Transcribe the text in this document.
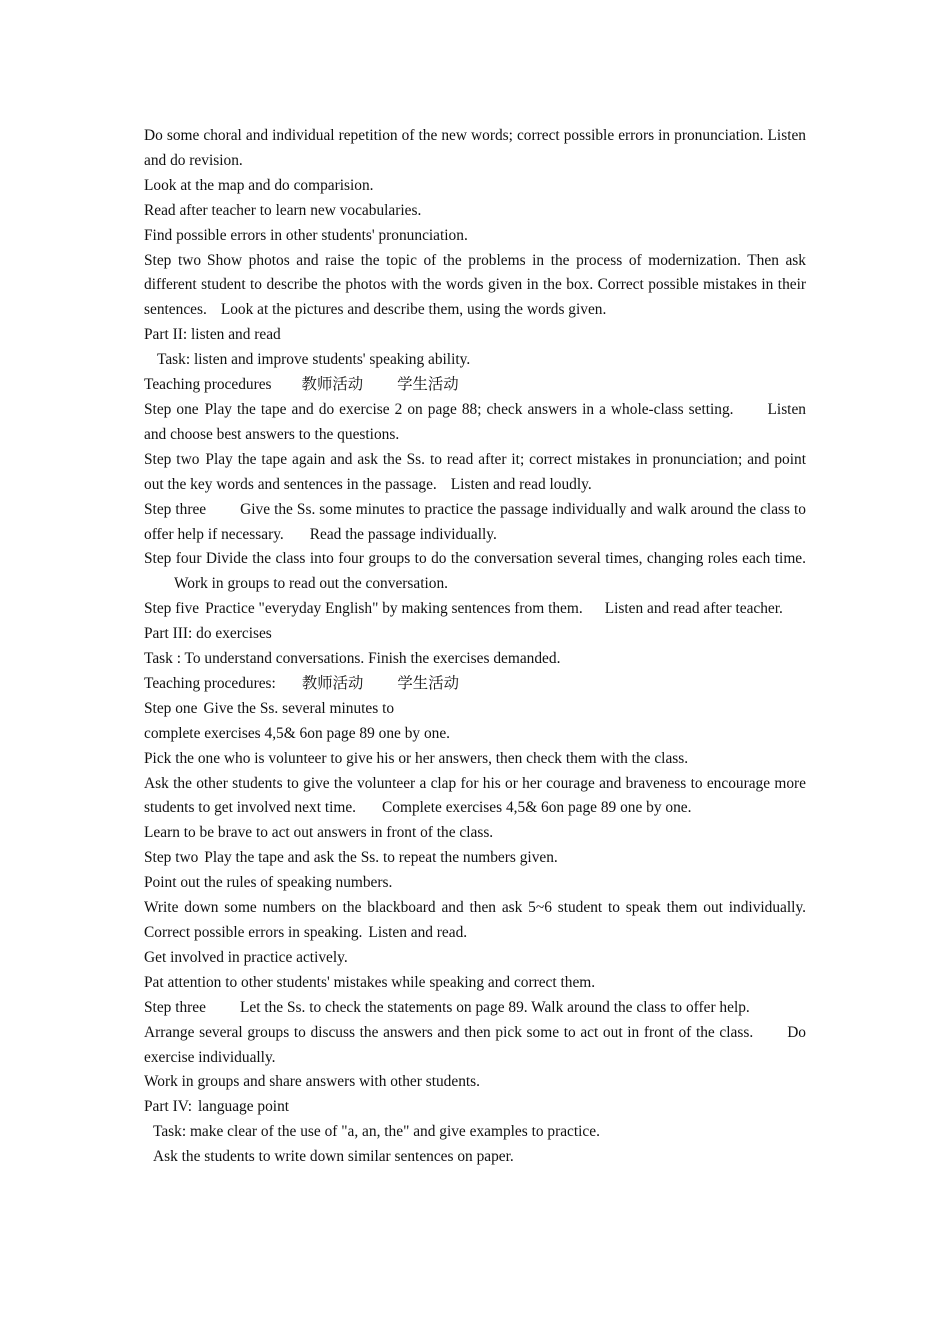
Do some choral and individual repetition of the new words; correct possible errors in pronunciation. Listen and do revision.

Look at the map and do comparision.

Read after teacher to learn new vocabularies.

Find possible errors in other students' pronunciation.

Step two Show photos and raise the topic of the problems in the process of modernization. Then ask different student to describe the photos with the words given in the box. Correct possible mistakes in their sentences. Look at the pictures and describe them, using the words given.

Part II: listen and read

Task: listen and improve students' speaking ability.

Teaching procedures 教师活动 学生活动

Step one Play the tape and do exercise 2 on page 88; check answers in a whole-class setting. Listen and choose best answers to the questions.

Step two Play the tape again and ask the Ss. to read after it; correct mistakes in pronunciation; and point out the key words and sentences in the passage. Listen and read loudly.

Step three Give the Ss. some minutes to practice the passage individually and walk around the class to offer help if necessary. Read the passage individually.

Step four Divide the class into four groups to do the conversation several times, changing roles each time.Work in groups to read out the conversation.

Step five Practice "everyday English" by making sentences from them. Listen and read after teacher.

Part III: do exercises

Task : To understand conversations. Finish the exercises demanded.

Teaching procedures: 教师活动 学生活动

Step one Give the Ss. several minutes to

complete exercises 4,5& 6on page 89 one by one.

Pick the one who is volunteer to give his or her answers, then check them with the class.

Ask the other students to give the volunteer a clap for his or her courage and braveness to encourage more students to get involved next time. Complete exercises 4,5& 6on page 89 one by one.

Learn to be brave to act out answers in front of the class.

Step two Play the tape and ask the Ss. to repeat the numbers given.

Point out the rules of speaking numbers.

Write down some numbers on the blackboard and then ask 5~6 student to speak them out individually. Correct possible errors in speaking. Listen and read.

Get involved in practice actively.

Pat attention to other students' mistakes while speaking and correct them.

Step three Let the Ss. to check the statements on page 89. Walk around the class to offer help.

Arrange several groups to discuss the answers and then pick some to act out in front of the class. Do exercise individually.

Work in groups and share answers with other students.

Part IV: language point

Task: make clear of the use of "a, an, the" and give examples to practice.

Ask the students to write down similar sentences on paper.
